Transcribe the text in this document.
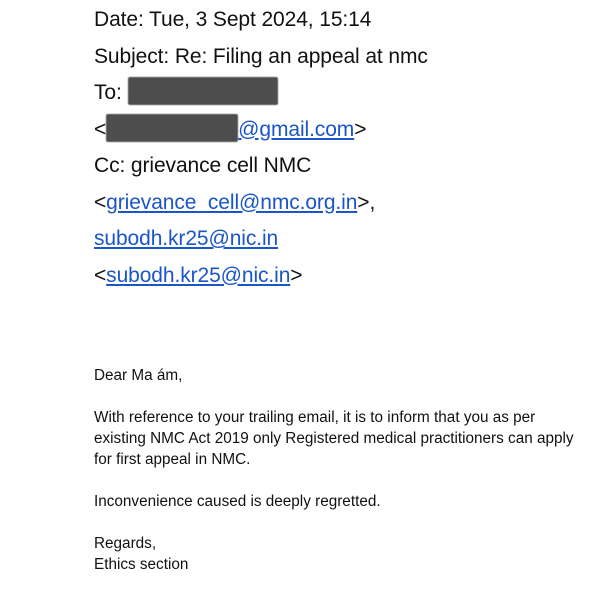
Date: Tue, 3 Sept 2024, 15:14
Subject: Re: Filing an appeal at nmc
To:
<	@gmail.com>
Cc: grievance cell NMC
<grievance_cell@nmc.org.in>,
subodh.kr25@nic.in
<subodh.kr25@nic.in>

Dear Ma ám,

With reference to your trailing email, it is to inform that you as per existing NMC Act 2019 only Registered medical practitioners can apply for first appeal in NMC.

Inconvenience caused is deeply regretted.

Regards,

Ethics section
